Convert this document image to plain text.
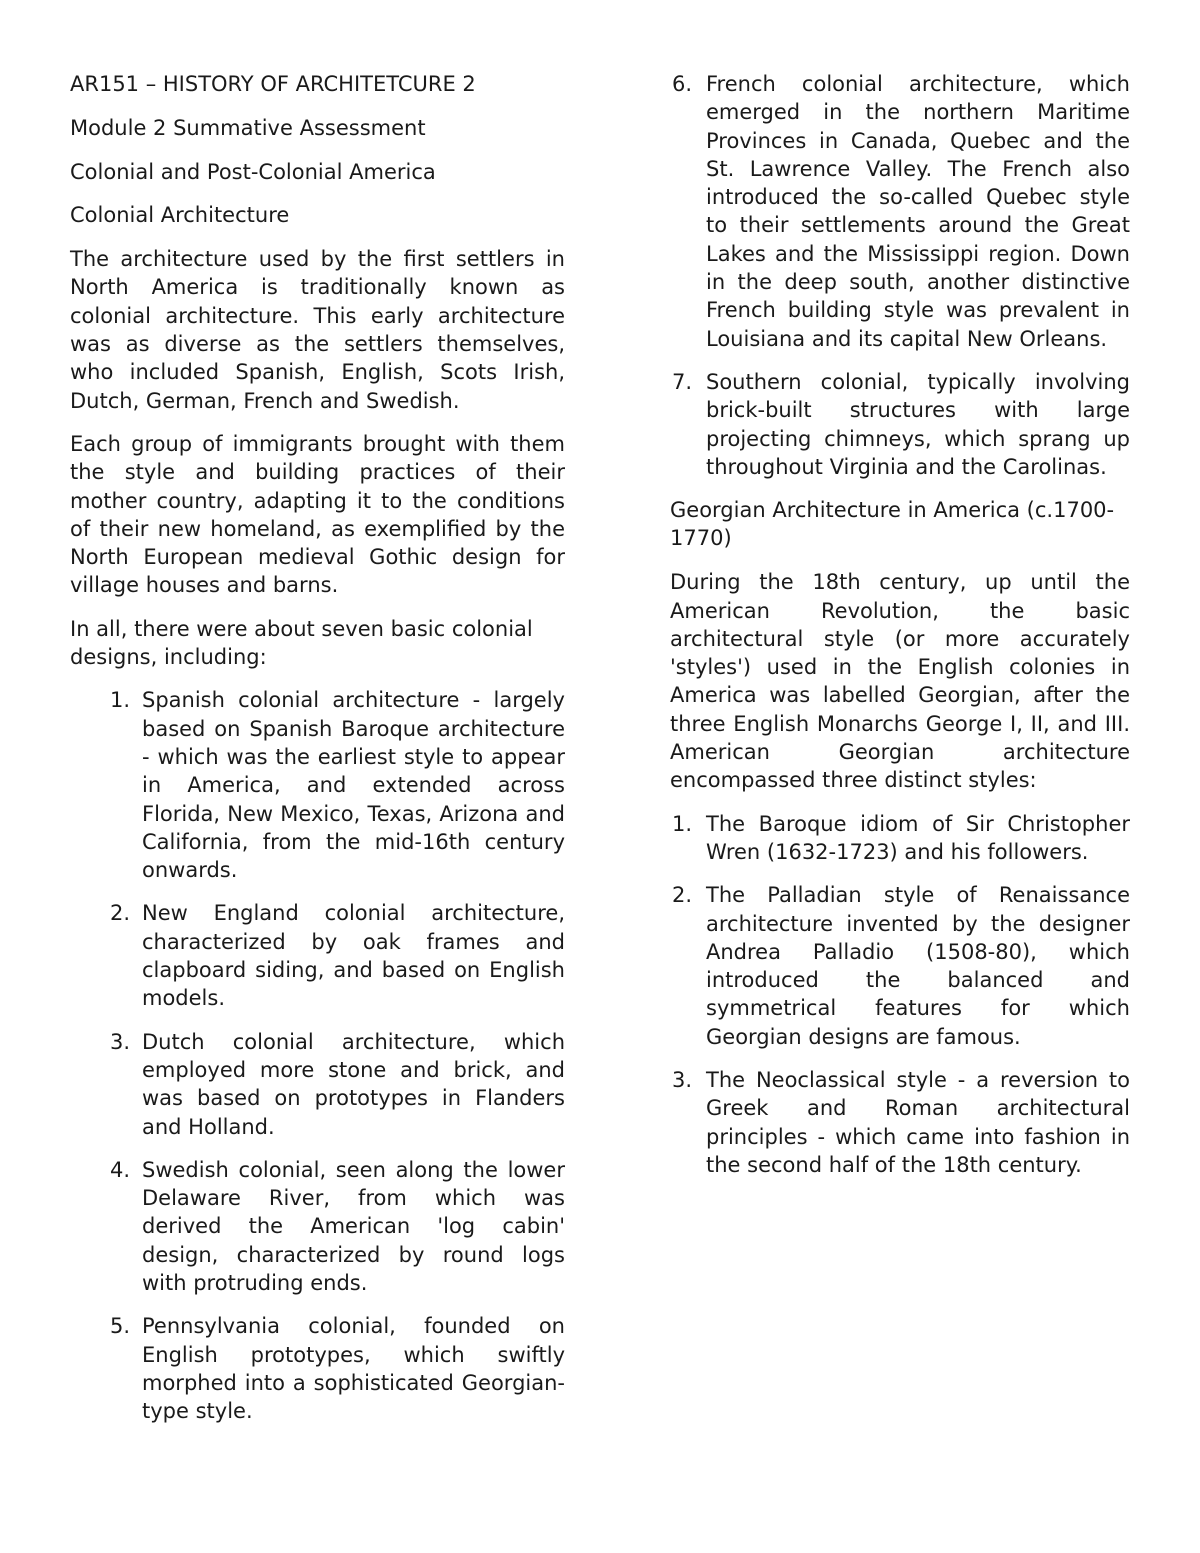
AR151 – HISTORY OF ARCHITETCURE 2

Module 2 Summative Assessment

Colonial and Post-Colonial America

Colonial Architecture

The architecture used by the first settlers in North America is traditionally known as colonial architecture. This early architecture was as diverse as the settlers themselves, who included Spanish, English, Scots Irish, Dutch, German, French and Swedish.

Each group of immigrants brought with them the style and building practices of their mother country, adapting it to the conditions of their new homeland, as exemplified by the North European medieval Gothic design for village houses and barns.

In all, there were about seven basic colonial designs, including:

1. Spanish colonial architecture - largely based on Spanish Baroque architecture - which was the earliest style to appear in America, and extended across Florida, New Mexico, Texas, Arizona and California, from the mid-16th century onwards.
2. New England colonial architecture, characterized by oak frames and clapboard siding, and based on English models.
3. Dutch colonial architecture, which employed more stone and brick, and was based on prototypes in Flanders and Holland.
4. Swedish colonial, seen along the lower Delaware River, from which was derived the American 'log cabin' design, characterized by round logs with protruding ends.
5. Pennsylvania colonial, founded on English prototypes, which swiftly morphed into a sophisticated Georgian-type style.
6. French colonial architecture, which emerged in the northern Maritime Provinces in Canada, Quebec and the St. Lawrence Valley. The French also introduced the so-called Quebec style to their settlements around the Great Lakes and the Mississippi region. Down in the deep south, another distinctive French building style was prevalent in Louisiana and its capital New Orleans.
7. Southern colonial, typically involving brick-built structures with large projecting chimneys, which sprang up throughout Virginia and the Carolinas.

Georgian Architecture in America (c.1700-1770)

During the 18th century, up until the American Revolution, the basic architectural style (or more accurately 'styles') used in the English colonies in America was labelled Georgian, after the three English Monarchs George I, II, and III. American Georgian architecture encompassed three distinct styles:

1. The Baroque idiom of Sir Christopher Wren (1632-1723) and his followers.
2. The Palladian style of Renaissance architecture invented by the designer Andrea Palladio (1508-80), which introduced the balanced and symmetrical features for which Georgian designs are famous.
3. The Neoclassical style - a reversion to Greek and Roman architectural principles - which came into fashion in the second half of the 18th century.
